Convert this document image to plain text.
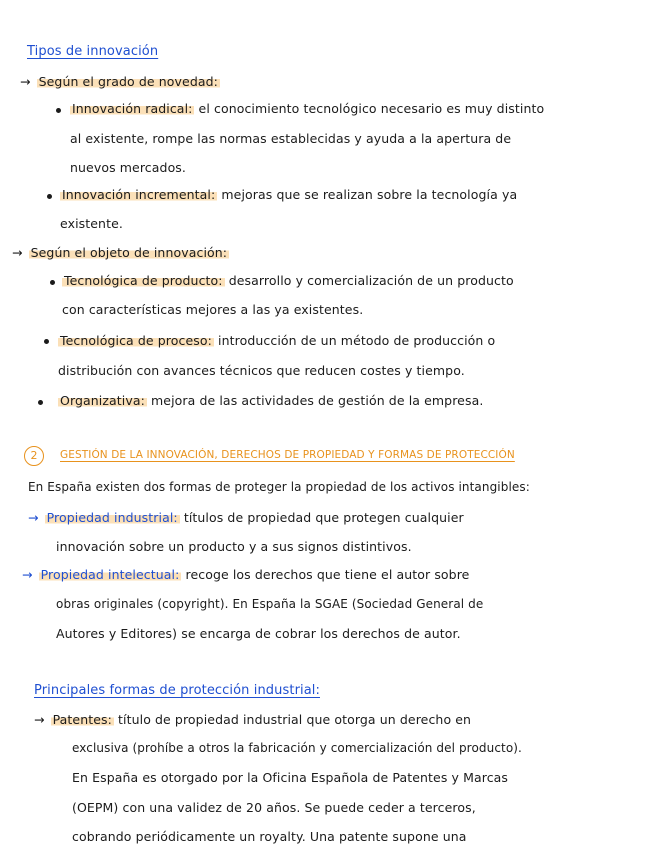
Tipos de innovación
→ Según el grado de novedad:
Innovación radical: el conocimiento tecnológico necesario es muy distinto
al existente, rompe las normas establecidas y ayuda a la apertura de
nuevos mercados.
Innovación incremental: mejoras que se realizan sobre la tecnología ya
existente.
→ Según el objeto de innovación:
Tecnológica de producto: desarrollo y comercialización de un producto
con características mejores a las ya existentes.
Tecnológica de proceso: introducción de un método de producción o
distribución con avances técnicos que reducen costes y tiempo.
Organizativa: mejora de las actividades de gestión de la empresa.
2	GESTIÓN DE LA INNOVACIÓN, DERECHOS DE PROPIEDAD Y FORMAS DE PROTECCIÓN
En España existen dos formas de proteger la propiedad de los activos intangibles:
→ Propiedad industrial: títulos de propiedad que protegen cualquier
innovación sobre un producto y a sus signos distintivos.
→ Propiedad intelectual: recoge los derechos que tiene el autor sobre
obras originales (copyright). En España la SGAE (Sociedad General de
Autores y Editores) se encarga de cobrar los derechos de autor.
Principales formas de protección industrial:
→ Patentes: título de propiedad industrial que otorga un derecho en
exclusiva (prohíbe a otros la fabricación y comercialización del producto).
En España es otorgado por la Oficina Española de Patentes y Marcas
(OEPM) con una validez de 20 años. Se puede ceder a terceros,
cobrando periódicamente un royalty. Una patente supone una
